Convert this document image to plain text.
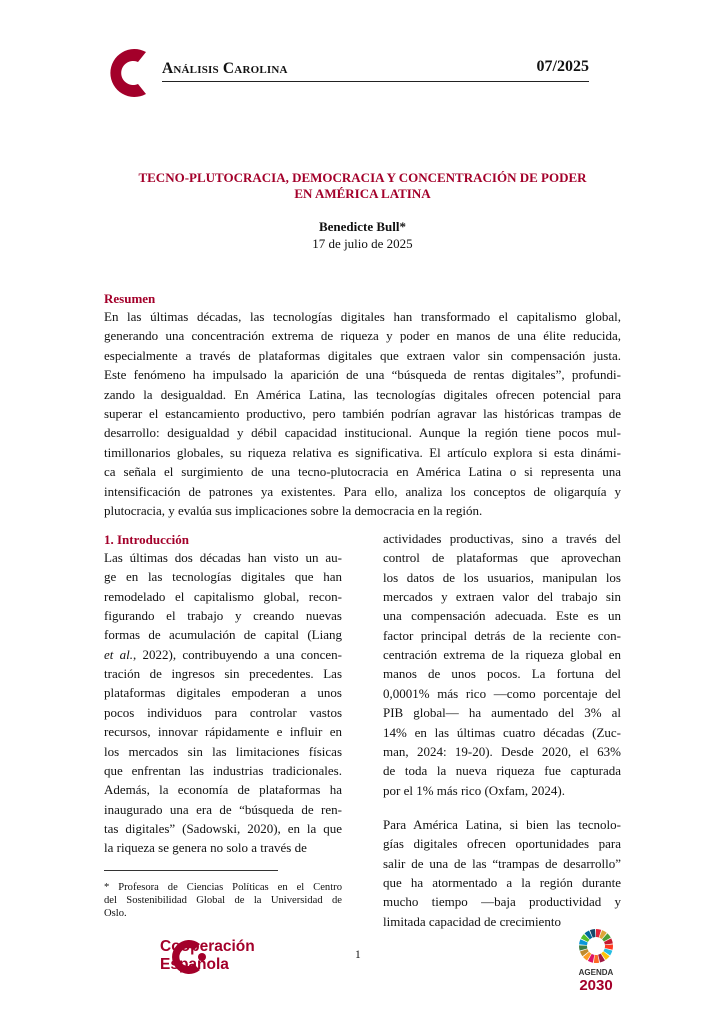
Análisis Carolina	07/2025
TECNO-PLUTOCRACIA, DEMOCRACIA Y CONCENTRACIÓN DE PODER
EN AMÉRICA LATINA
Benedicte Bull*
17 de julio de 2025
Resumen
En las últimas décadas, las tecnologías digitales han transformado el capitalismo global,
generando una concentración extrema de riqueza y poder en manos de una élite reducida,
especialmente a través de plataformas digitales que extraen valor sin compensación justa.
Este fenómeno ha impulsado la aparición de una “búsqueda de rentas digitales”, profundi-
zando la desigualdad. En América Latina, las tecnologías digitales ofrecen potencial para
superar el estancamiento productivo, pero también podrían agravar las históricas trampas de
desarrollo: desigualdad y débil capacidad institucional. Aunque la región tiene pocos mul-
timillonarios globales, su riqueza relativa es significativa. El artículo explora si esta dinámi-
ca señala el surgimiento de una tecno-plutocracia en América Latina o si representa una
intensificación de patrones ya existentes. Para ello, analiza los conceptos de oligarquía y
plutocracia, y evalúa sus implicaciones sobre la democracia en la región.
1. Introducción
Las últimas dos décadas han visto un au-
ge en las tecnologías digitales que han
remodelado el capitalismo global, recon-
figurando el trabajo y creando nuevas
formas de acumulación de capital (Liang
et al., 2022), contribuyendo a una concen-
tración de ingresos sin precedentes. Las
plataformas digitales empoderan a unos
pocos individuos para controlar vastos
recursos, innovar rápidamente e influir en
los mercados sin las limitaciones físicas
que enfrentan las industrias tradicionales.
Además, la economía de plataformas ha
inaugurado una era de “búsqueda de ren-
tas digitales” (Sadowski, 2020), en la que
la riqueza se genera no solo a través de
actividades productivas, sino a través del
control de plataformas que aprovechan
los datos de los usuarios, manipulan los
mercados y extraen valor del trabajo sin
una compensación adecuada. Este es un
factor principal detrás de la reciente con-
centración extrema de la riqueza global en
manos de unos pocos. La fortuna del
0,0001% más rico —como porcentaje del
PIB global— ha aumentado del 3% al
14% en las últimas cuatro décadas (Zuc-
man, 2024: 19-20). Desde 2020, el 63%
de toda la nueva riqueza fue capturada
por el 1% más rico (Oxfam, 2024).
Para América Latina, si bien las tecnolo-
gías digitales ofrecen oportunidades para
salir de una de las “trampas de desarrollo”
que ha atormentado a la región durante
mucho tiempo —baja productividad y
limitada capacidad de crecimiento
* Profesora de Ciencias Políticas en el Centro
del Sostenibilidad Global de la Universidad de
Oslo.
Cooperación
Española
1
AGENDA
2030
